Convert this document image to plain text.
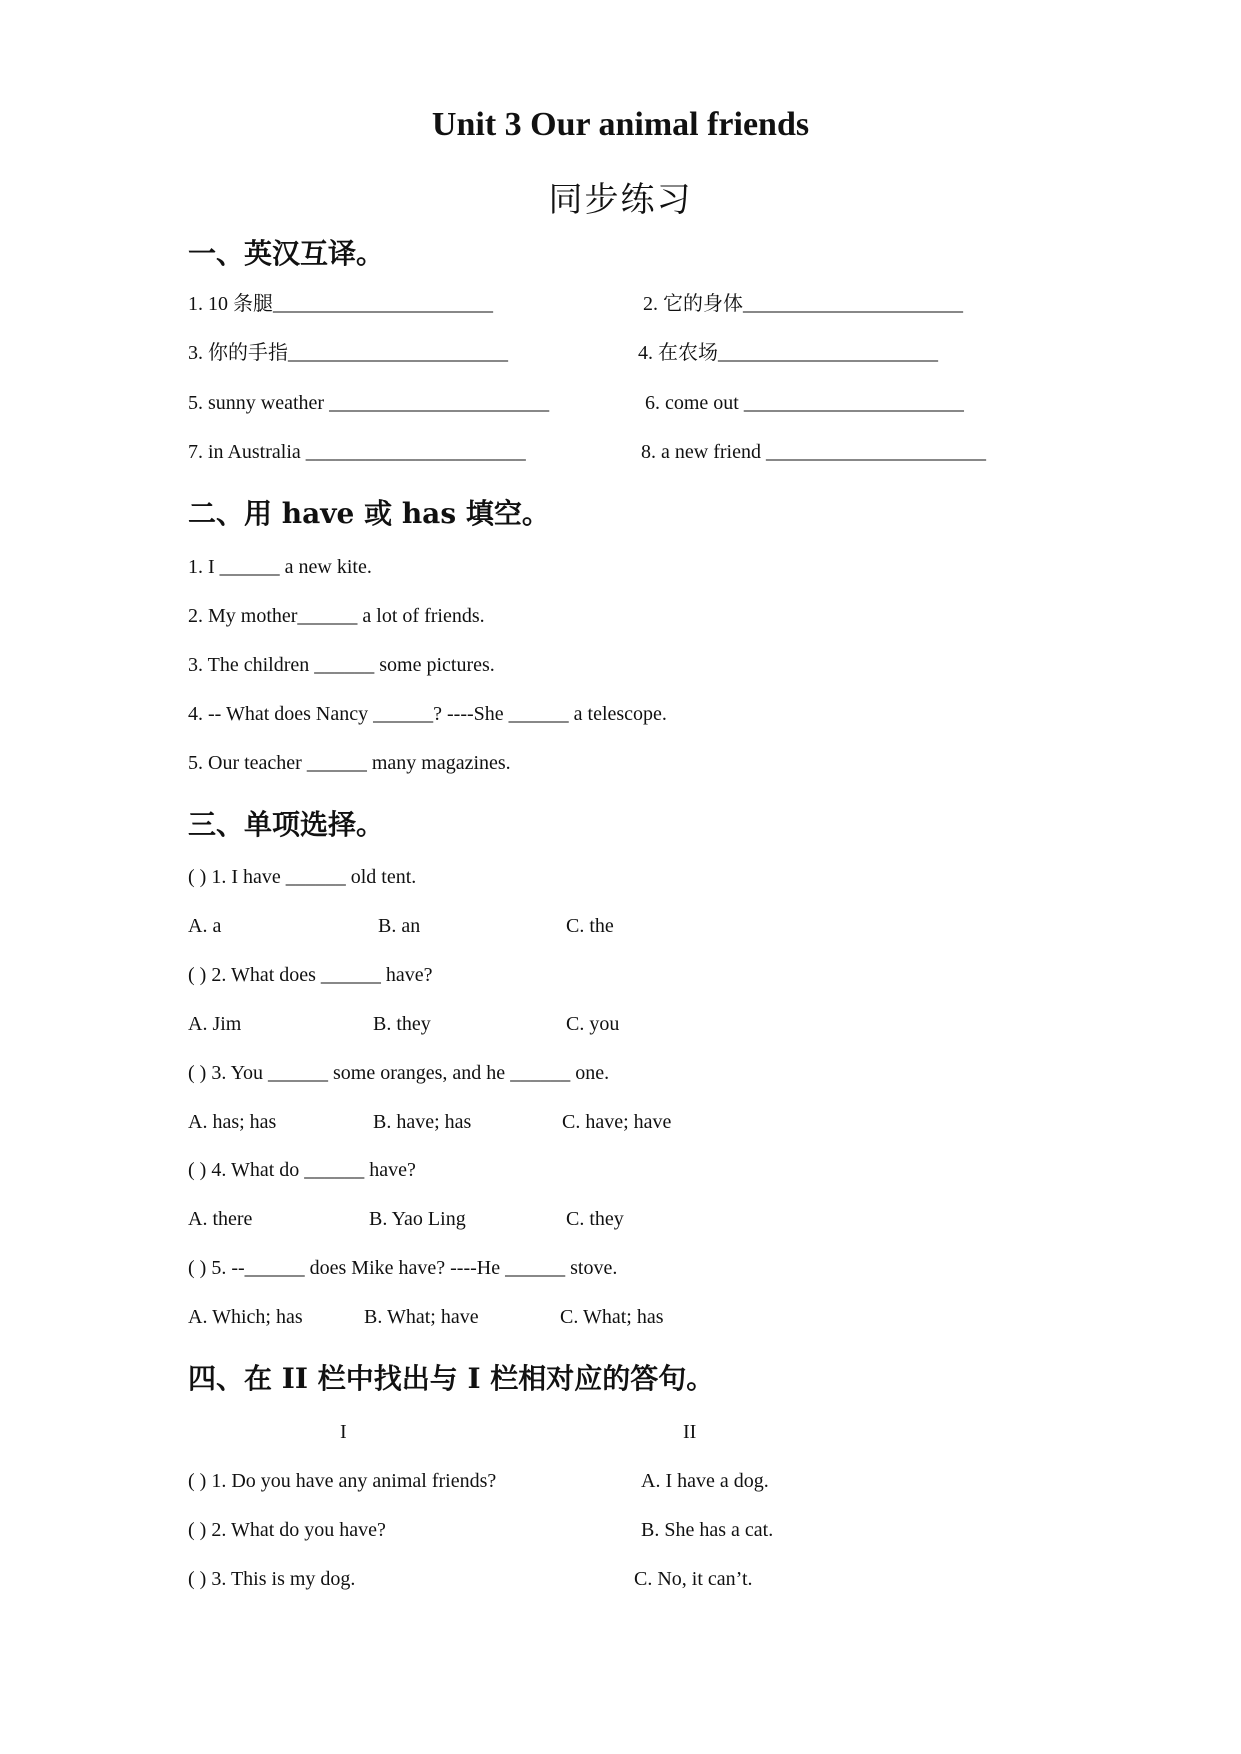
Unit 3 Our animal friends
同步练习
一、英汉互译。
1. 10 条腿______________________	2. 它的身体______________________
3. 你的手指______________________	4. 在农场______________________
5. sunny weather ______________________	6. come out ______________________
7. in Australia ______________________	8. a new friend ______________________
二、用 have 或 has 填空。
1. I ______ a new kite.
2. My mother______ a lot of friends.
3. The children ______ some pictures.
4. -- What does Nancy ______? ----She ______ a telescope.
5. Our teacher ______ many magazines.
三、单项选择。
( ) 1. I have ______ old tent.
A. a	B. an	C. the
( ) 2. What does ______ have?
A. Jim	B. they	C. you
( ) 3. You ______ some oranges, and he ______ one.
A. has; has	B. have; has	C. have; have
( ) 4. What do ______ have?
A. there	B. Yao Ling	C. they
( ) 5. --______ does Mike have? ----He ______ stove.
A. Which; has	B. What; have	C. What; has
四、在 II 栏中找出与 I 栏相对应的答句。
I	II
( ) 1. Do you have any animal friends?	A. I have a dog.
( ) 2. What do you have?	B. She has a cat.
( ) 3. This is my dog.	C. No, it can’t.
